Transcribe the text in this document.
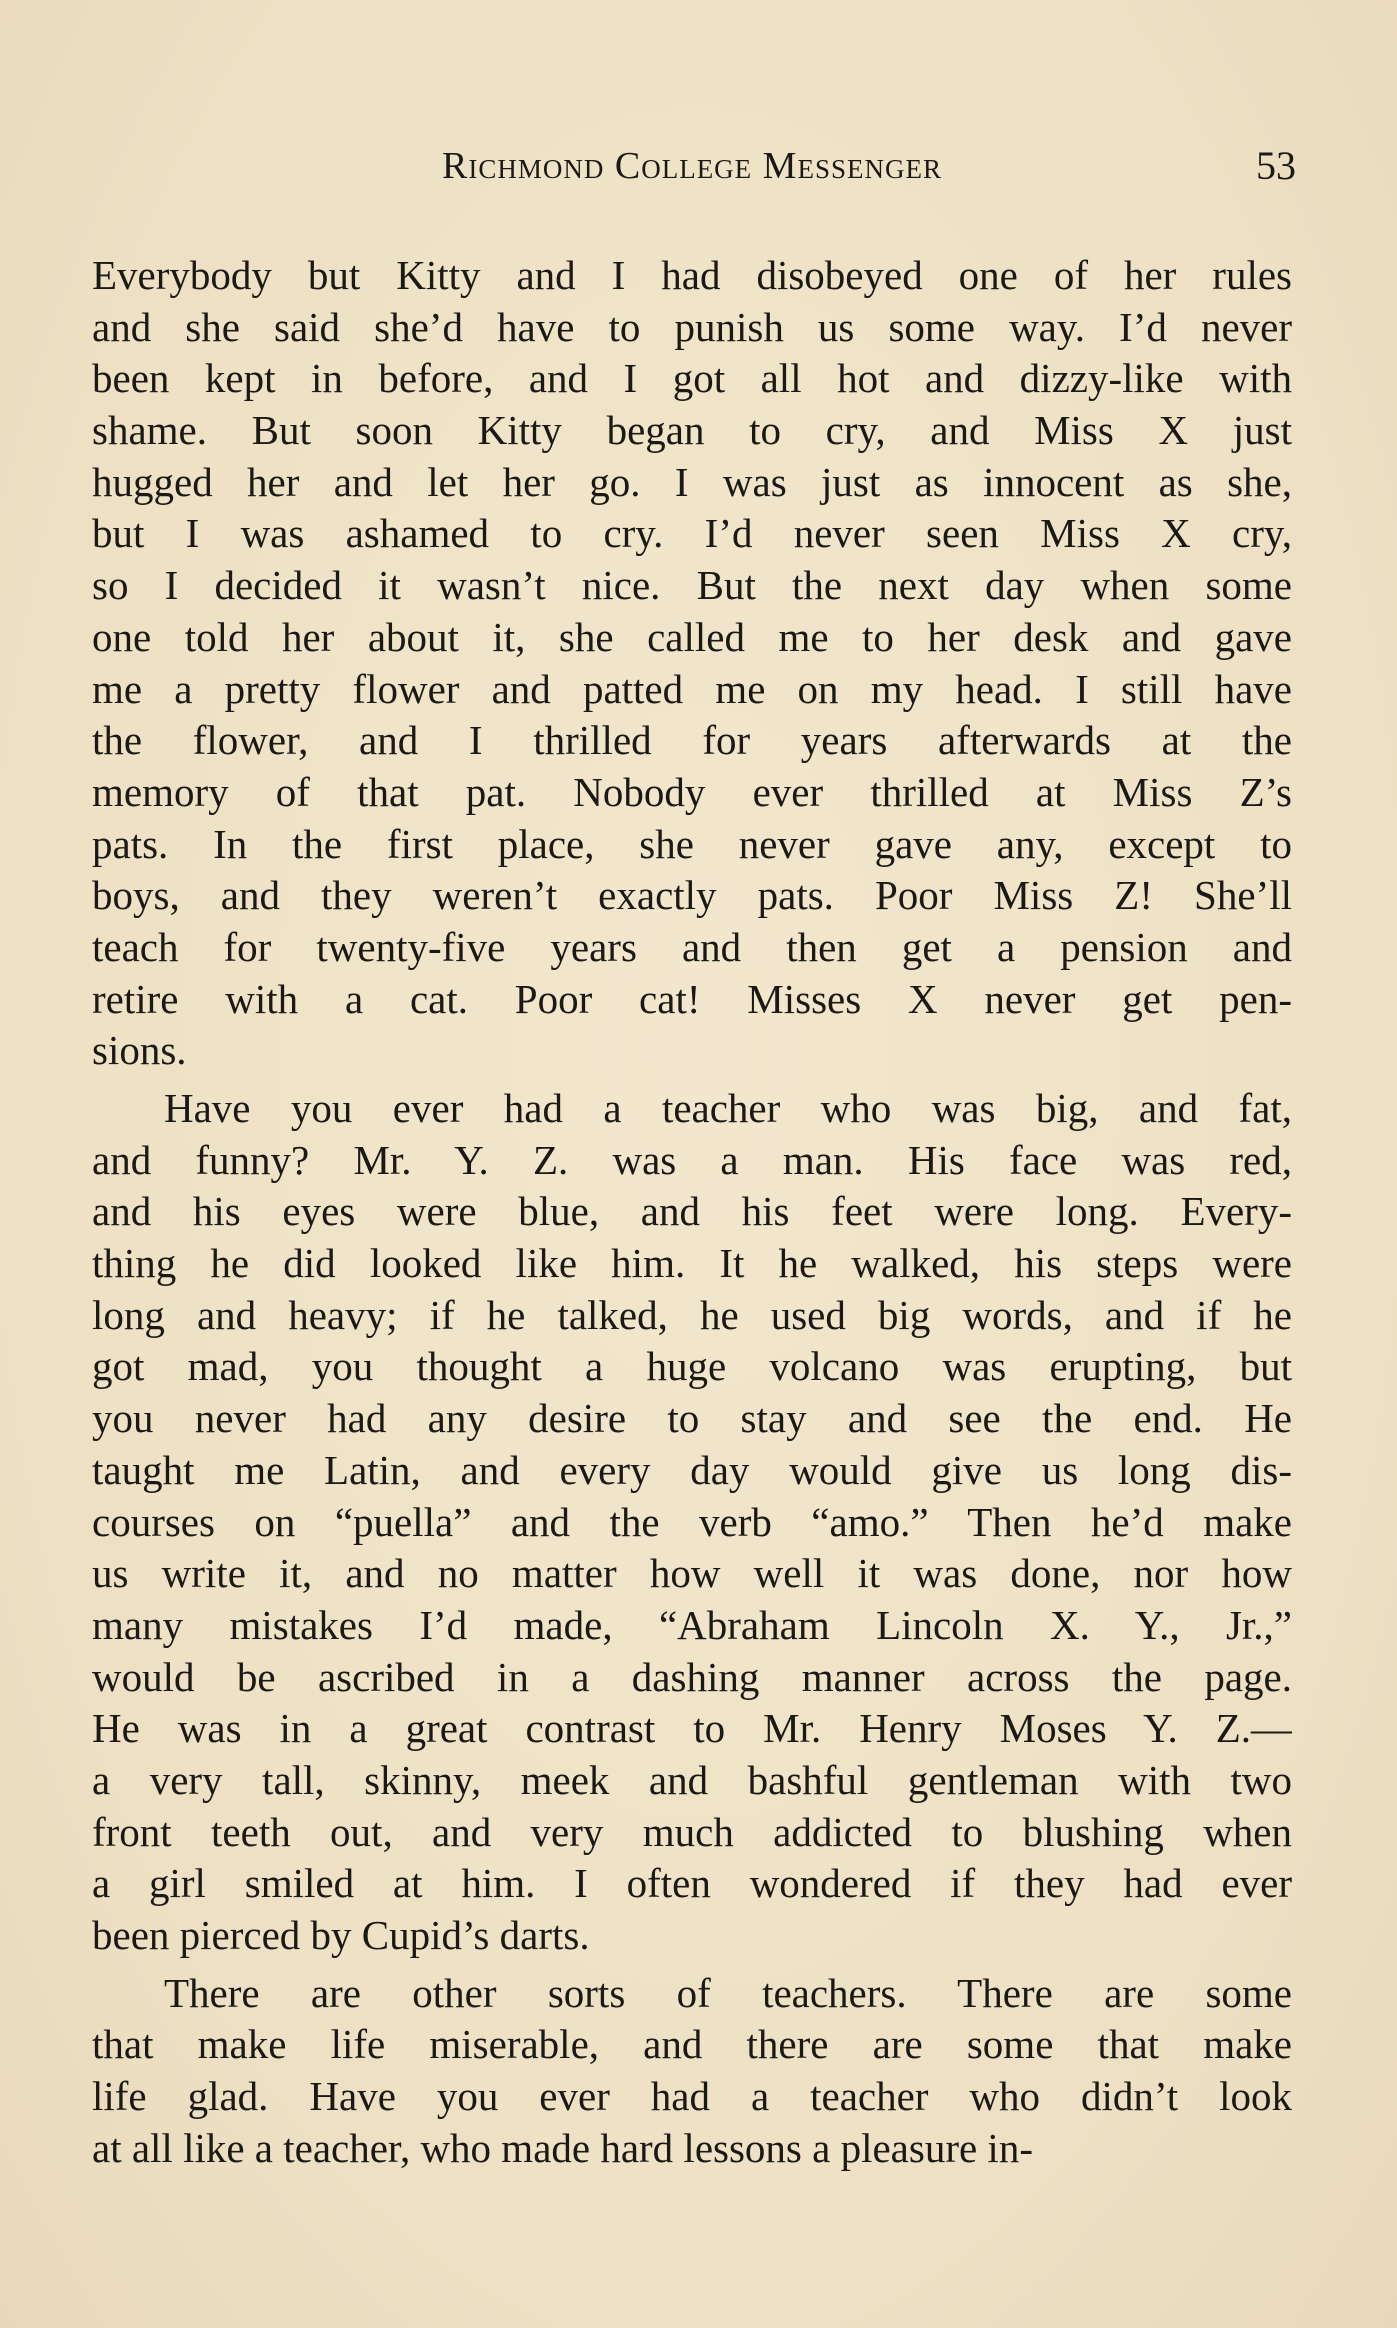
Richmond College Messenger	53
Everybody but Kitty and I had disobeyed one of her rules
and she said she’d have to punish us some way. I’d never
been kept in before, and I got all hot and dizzy-like with
shame. But soon Kitty began to cry, and Miss X just
hugged her and let her go. I was just as innocent as she,
but I was ashamed to cry. I’d never seen Miss X cry,
so I decided it wasn’t nice. But the next day when some
one told her about it, she called me to her desk and gave
me a pretty flower and patted me on my head. I still have
the flower, and I thrilled for years afterwards at the
memory of that pat. Nobody ever thrilled at Miss Z’s
pats. In the first place, she never gave any, except to
boys, and they weren’t exactly pats. Poor Miss Z! She’ll
teach for twenty-five years and then get a pension and
retire with a cat. Poor cat! Misses X never get pen-
sions.
Have you ever had a teacher who was big, and fat,
and funny? Mr. Y. Z. was a man. His face was red,
and his eyes were blue, and his feet were long. Every-
thing he did looked like him. It he walked, his steps were
long and heavy; if he talked, he used big words, and if he
got mad, you thought a huge volcano was erupting, but
you never had any desire to stay and see the end. He
taught me Latin, and every day would give us long dis-
courses on “puella” and the verb “amo.” Then he’d make
us write it, and no matter how well it was done, nor how
many mistakes I’d made, “Abraham Lincoln X. Y., Jr.,”
would be ascribed in a dashing manner across the page.
He was in a great contrast to Mr. Henry Moses Y. Z.—
a very tall, skinny, meek and bashful gentleman with two
front teeth out, and very much addicted to blushing when
a girl smiled at him. I often wondered if they had ever
been pierced by Cupid’s darts.
There are other sorts of teachers. There are some
that make life miserable, and there are some that make
life glad. Have you ever had a teacher who didn’t look
at all like a teacher, who made hard lessons a pleasure in-
